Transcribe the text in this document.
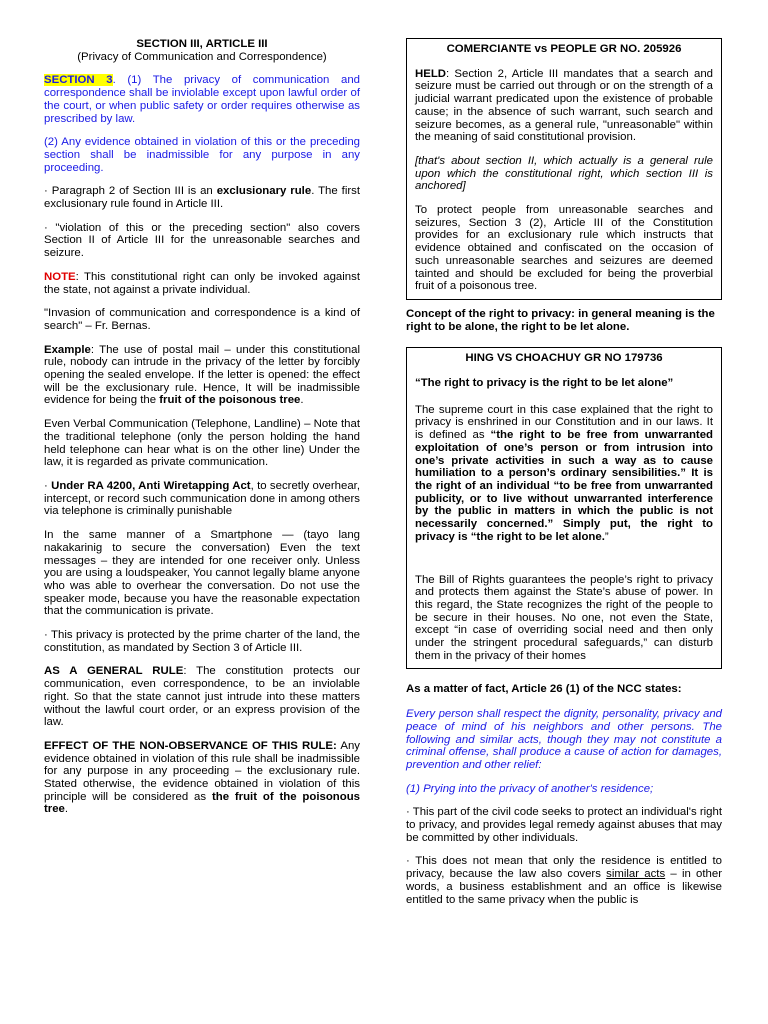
SECTION III, ARTICLE III

(Privacy of Communication and Correspondence)

SECTION 3. (1) The privacy of communication and correspondence shall be inviolable except upon lawful order of the court, or when public safety or order requires otherwise as prescribed by law.

(2) Any evidence obtained in violation of this or the preceding section shall be inadmissible for any purpose in any proceeding.

· Paragraph 2 of Section III is an exclusionary rule. The first exclusionary rule found in Article III.

· "violation of this or the preceding section" also covers Section II of Article III for the unreasonable searches and seizure.

NOTE: This constitutional right can only be invoked against the state, not against a private individual.

"Invasion of communication and correspondence is a kind of search" – Fr. Bernas.

Example: The use of postal mail – under this constitutional rule, nobody can intrude in the privacy of the letter by forcibly opening the sealed envelope. If the letter is opened: the effect will be the exclusionary rule. Hence, It will be inadmissible evidence for being the fruit of the poisonous tree.

Even Verbal Communication (Telephone, Landline) – Note that the traditional telephone (only the person holding the hand held telephone can hear what is on the other line) Under the law, it is regarded as private communication.

· Under RA 4200, Anti Wiretapping Act, to secretly overhear, intercept, or record such communication done in among others via telephone is criminally punishable

In the same manner of a Smartphone — (tayo lang nakakarinig to secure the conversation) Even the text messages – they are intended for one receiver only. Unless you are using a loudspeaker, You cannot legally blame anyone who was able to overhear the conversation. Do not use the speaker mode, because you have the reasonable expectation that the communication is private.

· This privacy is protected by the prime charter of the land, the constitution, as mandated by Section 3 of Article III.

AS A GENERAL RULE: The constitution protects our communication, even correspondence, to be an inviolable right. So that the state cannot just intrude into these matters without the lawful court order, or an express provision of the law.

EFFECT OF THE NON-OBSERVANCE OF THIS RULE: Any evidence obtained in violation of this rule shall be inadmissible for any purpose in any proceeding – the exclusionary rule. Stated otherwise, the evidence obtained in violation of this principle will be considered as the fruit of the poisonous tree.

COMERCIANTE vs PEOPLE GR NO. 205926

HELD: Section 2, Article III mandates that a search and seizure must be carried out through or on the strength of a judicial warrant predicated upon the existence of probable cause; in the absence of such warrant, such search and seizure becomes, as a general rule, "unreasonable" within the meaning of said constitutional provision.

[that's about section II, which actually is a general rule upon which the constitutional right, which section III is anchored]

To protect people from unreasonable searches and seizures, Section 3 (2), Article III of the Constitution provides for an exclusionary rule which instructs that evidence obtained and confiscated on the occasion of such unreasonable searches and seizures are deemed tainted and should be excluded for being the proverbial fruit of a poisonous tree.

Concept of the right to privacy: in general meaning is the right to be alone, the right to be let alone.

HING VS CHOACHUY GR NO 179736

“The right to privacy is the right to be let alone”

The supreme court in this case explained that the right to privacy is enshrined in our Constitution and in our laws. It is defined as “the right to be free from unwarranted exploitation of one’s person or from intrusion into one’s private activities in such a way as to cause humiliation to a person’s ordinary sensibilities.” It is the right of an individual “to be free from unwarranted publicity, or to live without unwarranted interference by the public in matters in which the public is not necessarily concerned.” Simply put, the right to privacy is “the right to be let alone.”

The Bill of Rights guarantees the people’s right to privacy and protects them against the State’s abuse of power. In this regard, the State recognizes the right of the people to be secure in their houses. No one, not even the State, except “in case of overriding social need and then only under the stringent procedural safeguards,” can disturb them in the privacy of their homes

As a matter of fact, Article 26 (1) of the NCC states:

Every person shall respect the dignity, personality, privacy and peace of mind of his neighbors and other persons. The following and similar acts, though they may not constitute a criminal offense, shall produce a cause of action for damages, prevention and other relief:

(1) Prying into the privacy of another's residence;

· This part of the civil code seeks to protect an individual's right to privacy, and provides legal remedy against abuses that may be committed by other individuals.

· This does not mean that only the residence is entitled to privacy, because the law also covers similar acts – in other words, a business establishment and an office is likewise entitled to the same privacy when the public is
